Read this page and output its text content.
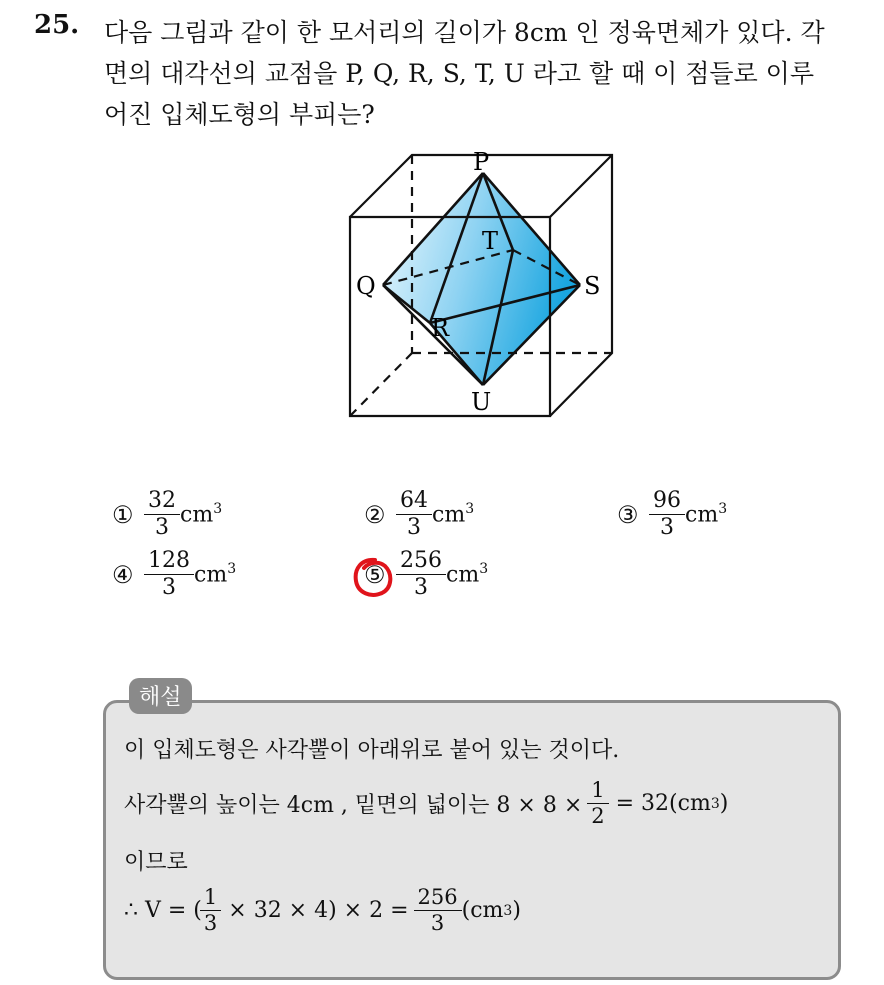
25. 다음 그림과 같이 한 모서리의 길이가 8cm 인 정육면체가 있다. 각
면의 대각선의 교점을 P, Q, R, S, T, U 라고 할 때 이 점들로 이루
어진 입체도형의 부피는?
P
T
Q	S
R
U
① $\frac{32}{3} cm^3$	② $\frac{64}{3} cm^3$	③ $\frac{96}{3} cm^3$
④ $\frac{128}{3} cm^3$	⑤ $\frac{256}{3} cm^3$
해설
이 입체도형은 사각뿔이 아래위로 붙어 있는 것이다.
사각뿔의 높이는 4cm , 밑면의 넓이는 8 × 8 ×
$\frac{1}{2}$
= 32(cm 3 )
이므로
∴ V = ( $\frac{1}{3}$
× 32 × 4) × 2 =
$\frac{256}{3} (cm$ 3 )
